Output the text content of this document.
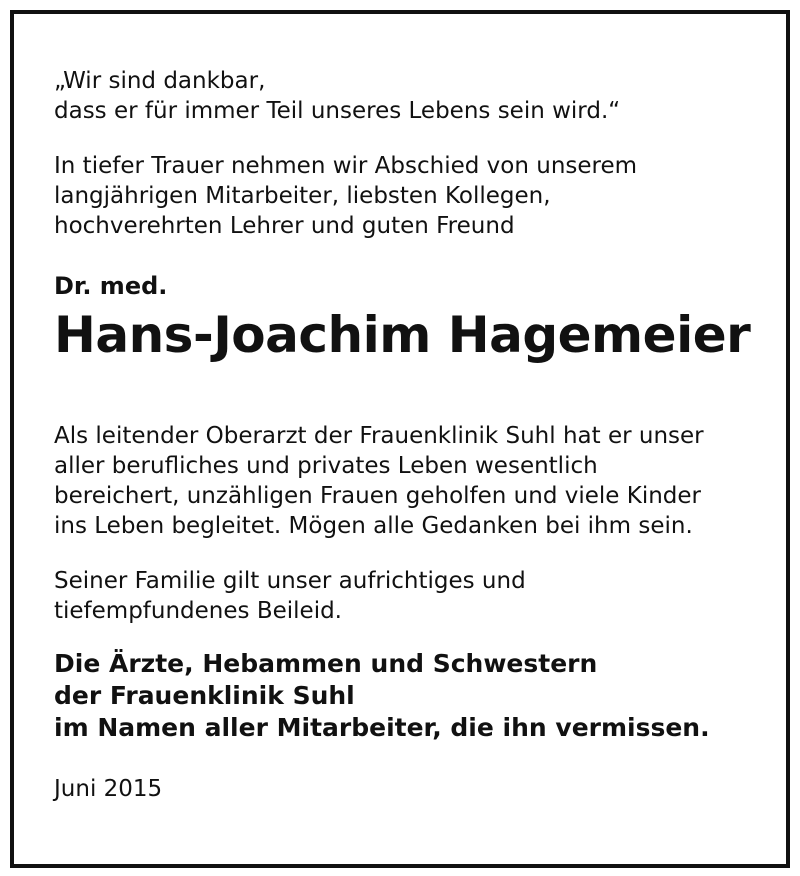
„Wir sind dankbar,
dass er für immer Teil unseres Lebens sein wird.“
In tiefer Trauer nehmen wir Abschied von unserem
langjährigen Mitarbeiter, liebsten Kollegen,
hochverehrten Lehrer und guten Freund
Dr. med.
Hans-Joachim Hagemeier
Als leitender Oberarzt der Frauenklinik Suhl hat er unser
aller berufliches und privates Leben wesentlich
bereichert, unzähligen Frauen geholfen und viele Kinder
ins Leben begleitet. Mögen alle Gedanken bei ihm sein.
Seiner Familie gilt unser aufrichtiges und
tiefempfundenes Beileid.
Die Ärzte, Hebammen und Schwestern
der Frauenklinik Suhl
im Namen aller Mitarbeiter, die ihn vermissen.
Juni 2015
